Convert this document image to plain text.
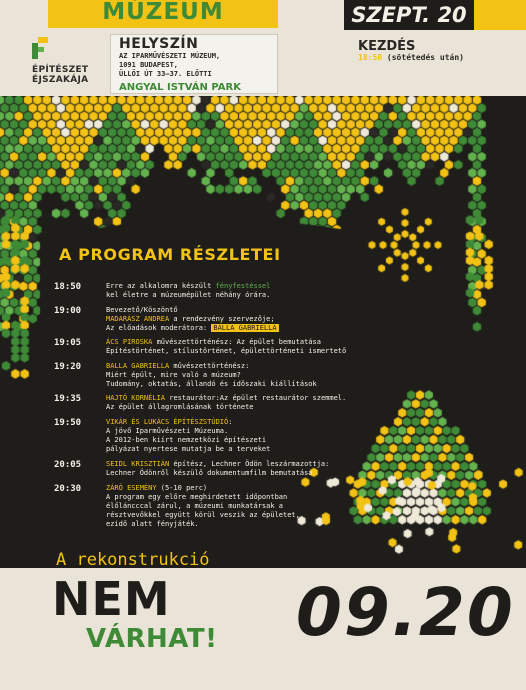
MÚZEUM	SZEPT. 20
ÉPÍTÉSZET
ÉJSZAKÁJA
HELYSZÍN
AZ IPARMŰVÉSZETI MÚZEUM,
1091 BUDAPEST,
ÜLLŐI ÚT 33–37. ELŐTTI
ANGYAL ISTVÁN PARK
KEZDÉS
18:50 (sötétedés után)
A PROGRAM RÉSZLETEI
18:50	Erre az alkalomra készült fényfestéssel
kel életre a múzeumépület néhány órára.
19:00	Bevezető/Köszöntő
MADARÁSZ ANDREA a rendezvény szervezője;
Az előadások moderátora: BALLA GABRIELLA
19:05	ÁCS PIROSKA művészettörténész: Az épület bemutatása
Építéstörténet, stílustörténet, épülettörténeti ismertető
19:20	BALLA GABRIELLA művészettörténész:
Miért épült, mire való a múzeum?
Tudomány, oktatás, állandó és időszaki kiállítások
19:35	HAJTÓ KORNÉLIA restaurátor:Az épület restaurátor szemmel.
Az épület állagromlásának története
19:50	VIKÁR ÉS LUKÁCS ÉPÍTÉSZSTÚDIÓ:
A jövő Iparművészeti Múzeuma.
A 2012-ben kiírt nemzetközi építészeti
pályázat nyertese mutatja be a terveket
20:05	SEIDL KRISZTIÁN építész, Lechner Ödön leszármazottja:
Lechner Ödönről készülő dokumentumfilm bemutatása
20:30	ZÁRÓ ESEMÉNY (5-10 perc)
A program egy előre meghirdetett időpontban
élőláncccal zárul, a múzeumi munkatársak a
résztvevőkkel együtt körül veszik az épületet,
ezidő alatt fényjáték.
A rekonstrukció
NEM
VÁRHAT! 09.20
